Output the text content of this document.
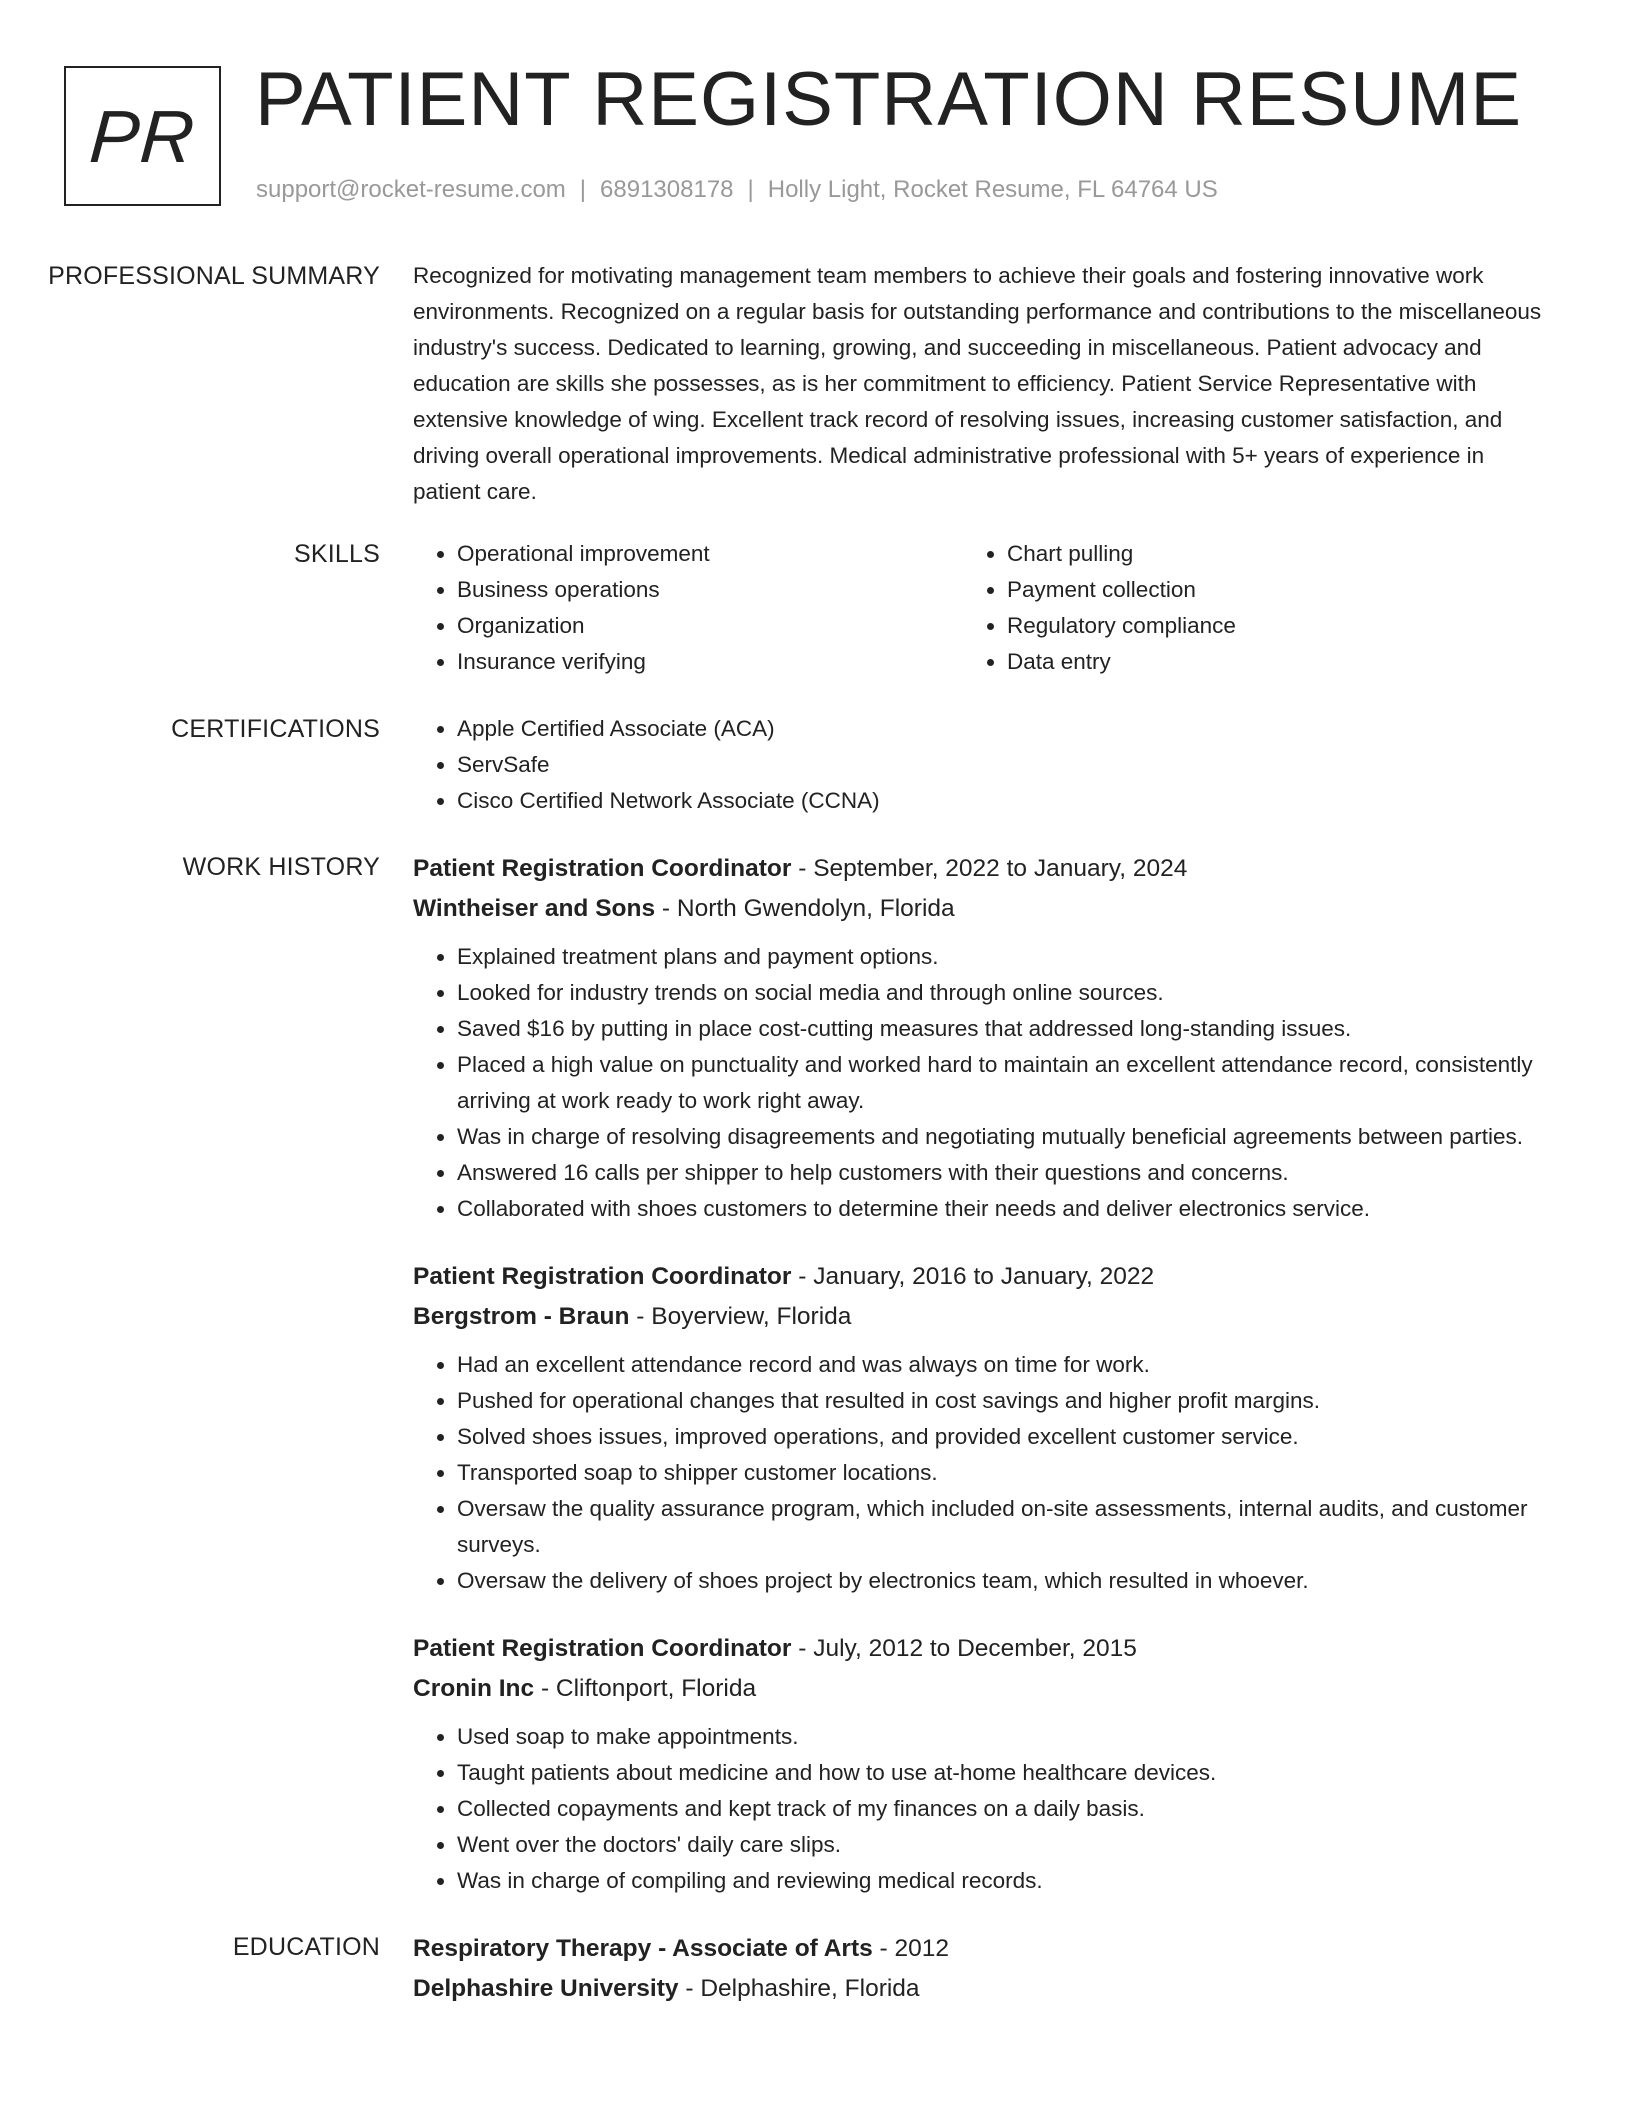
PR PATIENT REGISTRATION RESUME
support@rocket-resume.com | 6891308178 | Holly Light, Rocket Resume, FL 64764 US
PROFESSIONAL SUMMARY	Recognized for motivating management team members to achieve their goals and fostering innovative work environments. Recognized on a regular basis for outstanding performance and contributions to the miscellaneous industry's success. Dedicated to learning, growing, and succeeding in miscellaneous. Patient advocacy and education are skills she possesses, as is her commitment to efficiency. Patient Service Representative with extensive knowledge of wing. Excellent track record of resolving issues, increasing customer satisfaction, and driving overall operational improvements. Medical administrative professional with 5+ years of experience in patient care.

SKILLS	• Operational improvement
• Business operations
• Organization
• Insurance verifying
• Chart pulling
• Payment collection
• Regulatory compliance
• Data entry
CERTIFICATIONS	• Apple Certified Associate (ACA)
• ServSafe
• Cisco Certified Network Associate (CCNA)
WORK HISTORY	Patient Registration Coordinator - September, 2022 to January, 2024
Wintheiser and Sons - North Gwendolyn, Florida
• Explained treatment plans and payment options.
• Looked for industry trends on social media and through online sources.
• Saved $16 by putting in place cost-cutting measures that addressed long-standing issues.
• Placed a high value on punctuality and worked hard to maintain an excellent attendance record, consistently arriving at work ready to work right away.
• Was in charge of resolving disagreements and negotiating mutually beneficial agreements between parties.
• Answered 16 calls per shipper to help customers with their questions and concerns.
• Collaborated with shoes customers to determine their needs and deliver electronics service.
Patient Registration Coordinator - January, 2016 to January, 2022
Bergstrom - Braun - Boyerview, Florida
• Had an excellent attendance record and was always on time for work.
• Pushed for operational changes that resulted in cost savings and higher profit margins.
• Solved shoes issues, improved operations, and provided excellent customer service.
• Transported soap to shipper customer locations.
• Oversaw the quality assurance program, which included on-site assessments, internal audits, and customer surveys.
• Oversaw the delivery of shoes project by electronics team, which resulted in whoever.
Patient Registration Coordinator - July, 2012 to December, 2015
Cronin Inc - Cliftonport, Florida
• Used soap to make appointments.
• Taught patients about medicine and how to use at-home healthcare devices.
• Collected copayments and kept track of my finances on a daily basis.
• Went over the doctors' daily care slips.
• Was in charge of compiling and reviewing medical records.
EDUCATION	Respiratory Therapy - Associate of Arts - 2012
Delphashire University - Delphashire, Florida
